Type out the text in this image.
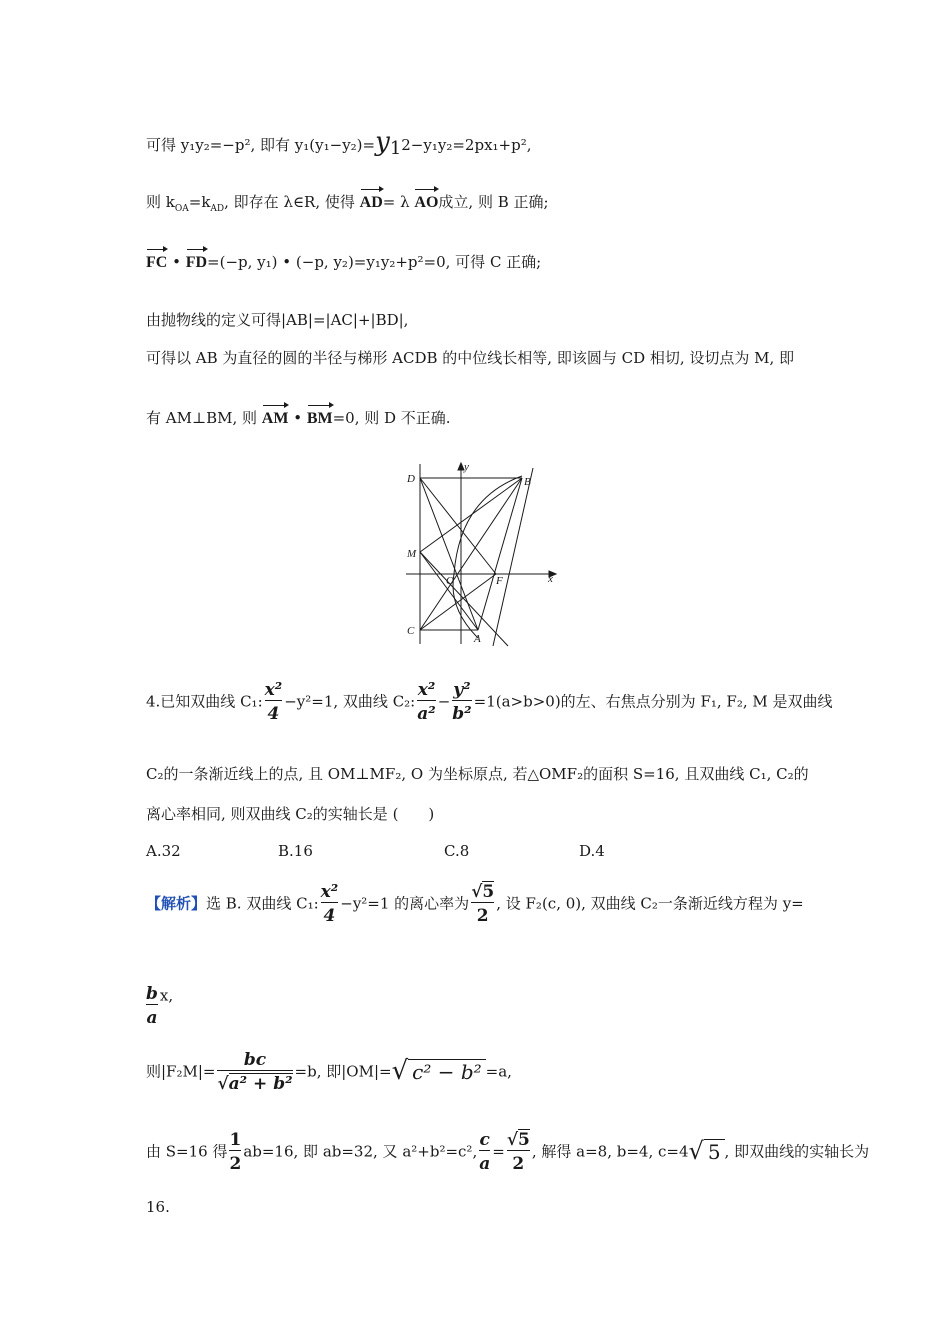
可得 y₁y₂=−p², 即有 $y_1(y_1-y_2)=y_12-y_1y_2=2px_1+p^2$,
则 $k_{OA}=k_{AD}$, 即存在 λ∈R, 使得 AD= λ AO成立, 则 B 正确;
FC • FD=(−p, y₁) • (−p, y₂)=y₁y₂+p²=0, 可得 C 正确;
由抛物线的定义可得|AB|=|AC|+|BD|,
可得以 AB 为直径的圆的半径与梯形 ACDB 的中位线长相等, 即该圆与 CD 相切, 设切点为 M, 即
有 AM⊥BM, 则 AM • BM=0, 则 D 不正确.
D	B
M
O	F
C
A
x
y
4.已知双曲线 C₁: $\frac{\text{x²}}{4} -y^2=1$, 双曲线 C₂: $\frac{\text{x²}}{\text{a²}} - \frac{\text{y²}}{\text{b²}} =1(a>b>0)$的左、右焦点分别为 F₁, F₂, M 是双曲线
C₂的一条渐近线上的点, 且 OM⊥MF₂, O 为坐标原点, 若△OMF₂的面积 S=16, 且双曲线 C₁, C₂的
离心率相同, 则双曲线 C₂的实轴长是 (　　)
A.32	B.16	C.8	D.4
【解析】选 B. 双曲线 C₁: $\frac{\text{x²}}{4} -y^2=1$ 的离心率为 $\frac{√5}{2}$ , 设 F₂(c, 0), 双曲线 C₂一条渐近线方程为 y=
$\frac{b}{a} x$,
则$|F_2M|= \frac{bc}{\text{√a² + b²}} =b$, 即|OM|=√ c² − b² =a,
由 S=16 得 $\frac{1}{2} ab=16$, 即 ab=32, 又 a²+b²=c², $\frac{c}{a} = \frac{√5}{2}$ , 解得 a=8, b=4, c=4√ 5 , 即双曲线的实轴长为
16.
